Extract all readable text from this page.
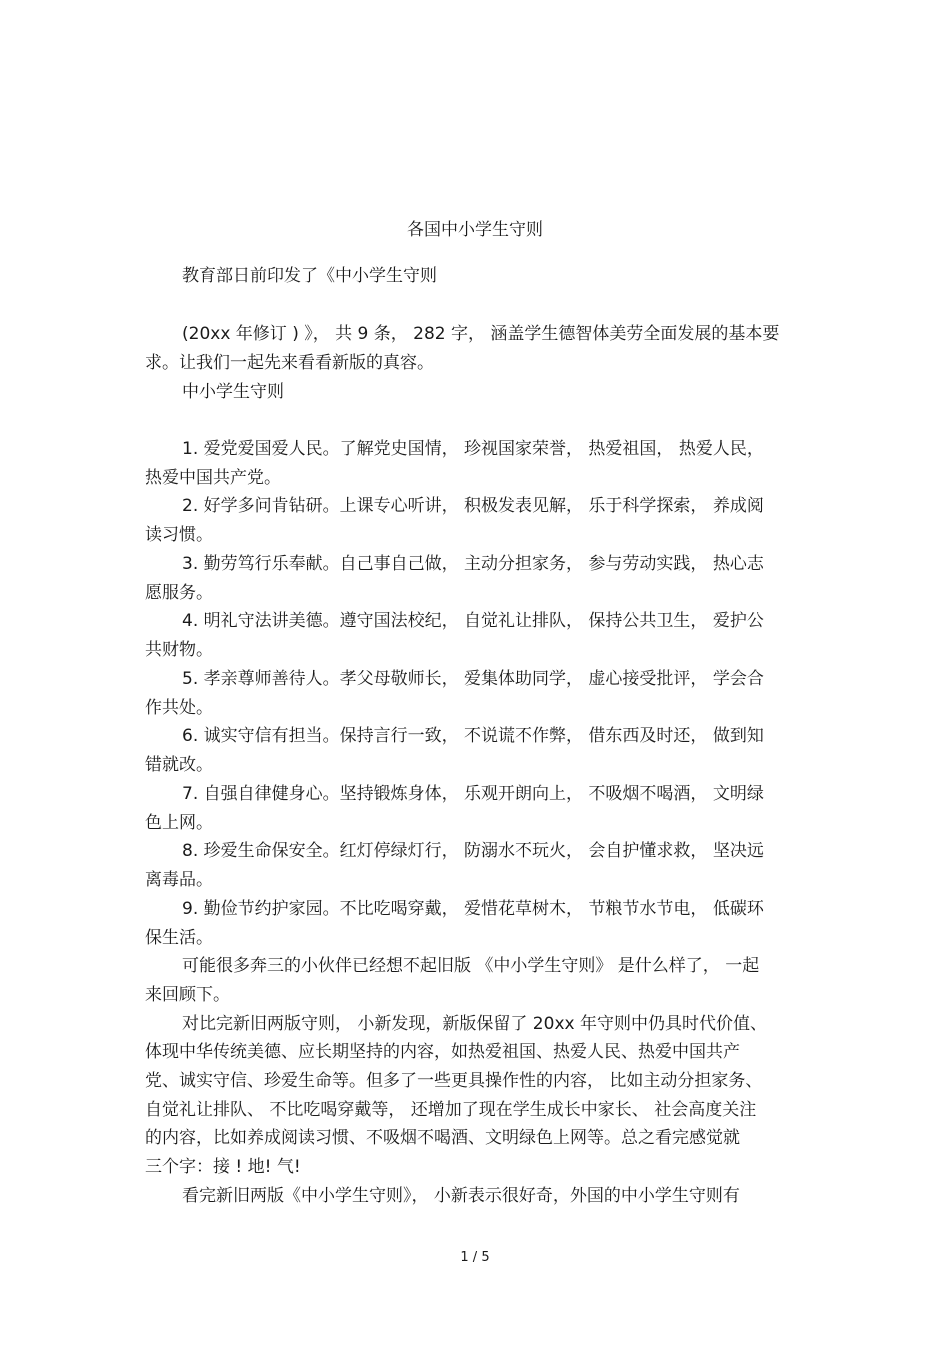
各国中小学生守则
教育部日前印发了《中小学生守则
(20xx 年修订 ) 》， 共 9 条， 282 字， 涵盖学生德智体美劳全面发展的基本要
求。让我们一起先来看看新版的真容。
中小学生守则
1. 爱党爱国爱人民。了解党史国情， 珍视国家荣誉， 热爱祖国， 热爱人民，
热爱中国共产党。
2. 好学多问肯钻研。上课专心听讲， 积极发表见解， 乐于科学探索， 养成阅
读习惯。
3. 勤劳笃行乐奉献。自己事自己做， 主动分担家务， 参与劳动实践， 热心志
愿服务。
4. 明礼守法讲美德。遵守国法校纪， 自觉礼让排队， 保持公共卫生， 爱护公
共财物。
5. 孝亲尊师善待人。孝父母敬师长， 爱集体助同学， 虚心接受批评， 学会合
作共处。
6. 诚实守信有担当。保持言行一致， 不说谎不作弊， 借东西及时还， 做到知
错就改。
7. 自强自律健身心。坚持锻炼身体， 乐观开朗向上， 不吸烟不喝酒， 文明绿
色上网。
8. 珍爱生命保安全。红灯停绿灯行， 防溺水不玩火， 会自护懂求救， 坚决远
离毒品。
9. 勤俭节约护家园。不比吃喝穿戴， 爱惜花草树木， 节粮节水节电， 低碳环
保生活。
可能很多奔三的小伙伴已经想不起旧版 《中小学生守则》 是什么样了， 一起
来回顾下。
对比完新旧两版守则， 小新发现，新版保留了 20xx 年守则中仍具时代价值、
体现中华传统美德、应长期坚持的内容，如热爱祖国、热爱人民、热爱中国共产
党、诚实守信、珍爱生命等。但多了一些更具操作性的内容， 比如主动分担家务、
自觉礼让排队、 不比吃喝穿戴等， 还增加了现在学生成长中家长、 社会高度关注
的内容，比如养成阅读习惯、不吸烟不喝酒、文明绿色上网等。总之看完感觉就
三个字：接 ! 地! 气!
看完新旧两版《中小学生守则》， 小新表示很好奇，外国的中小学生守则有
1 / 5
